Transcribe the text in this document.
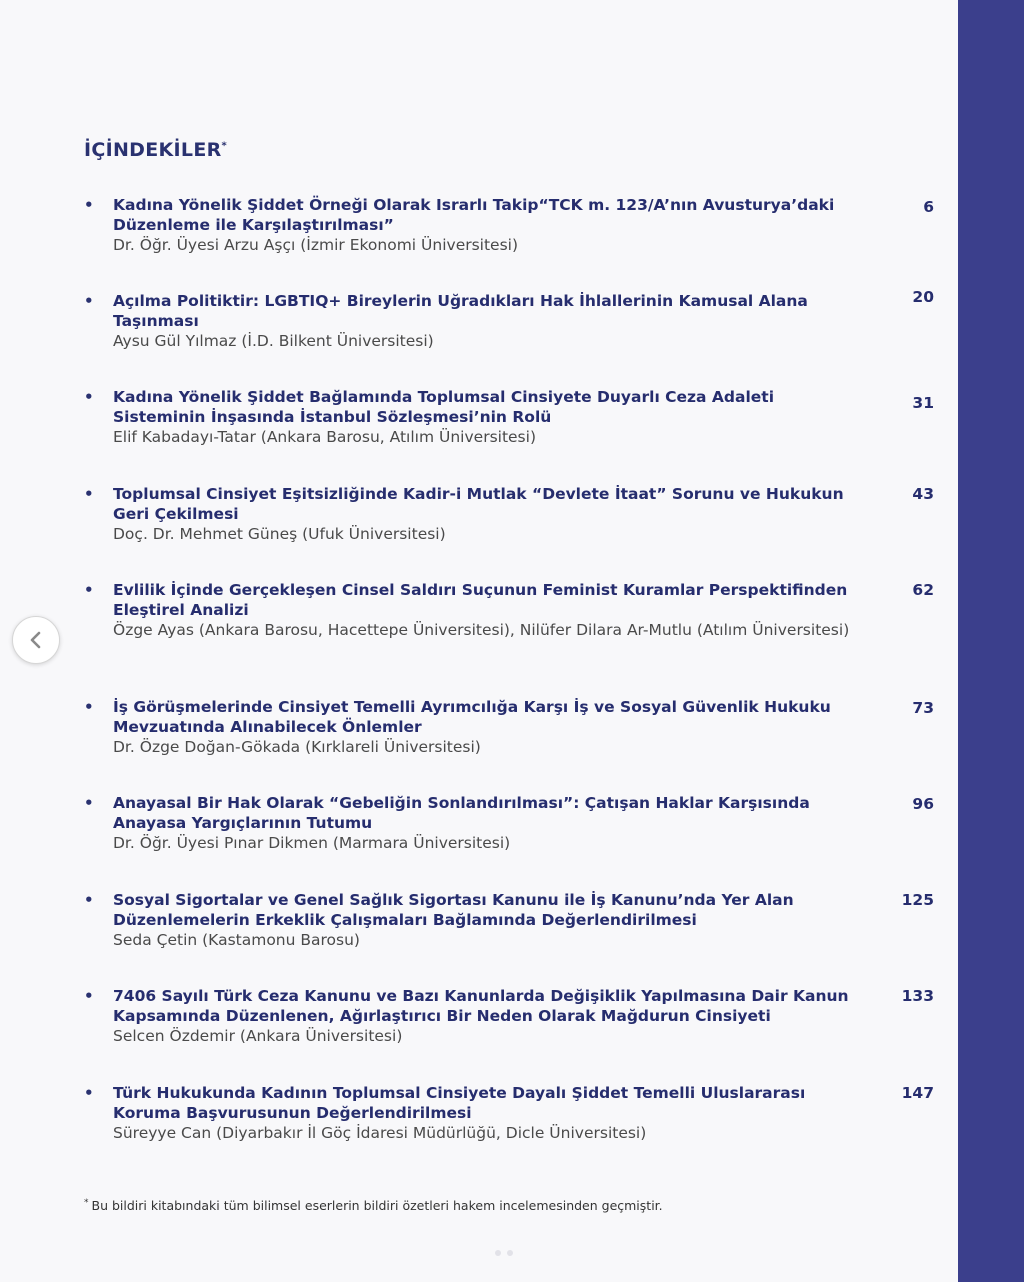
İÇİNDEKİLER*
• Kadına Yönelik Şiddet Örneği Olarak Israrlı Takip“TCK m. 123/A’nın Avusturya’daki Düzenleme ile Karşılaştırılması”
Dr. Öğr. Üyesi Arzu Aşçı (İzmir Ekonomi Üniversitesi)
6
• Açılma Politiktir: LGBTIQ+ Bireylerin Uğradıkları Hak İhlallerinin Kamusal Alana Taşınması
Aysu Gül Yılmaz (İ.D. Bilkent Üniversitesi)
20
• Kadına Yönelik Şiddet Bağlamında Toplumsal Cinsiyete Duyarlı Ceza Adaleti Sisteminin İnşasında İstanbul Sözleşmesi’nin Rolü
Elif Kabadayı-Tatar (Ankara Barosu, Atılım Üniversitesi)
31
• Toplumsal Cinsiyet Eşitsizliğinde Kadir-i Mutlak “Devlete İtaat” Sorunu ve Hukukun Geri Çekilmesi
Doç. Dr. Mehmet Güneş (Ufuk Üniversitesi)
43
• Evlilik İçinde Gerçekleşen Cinsel Saldırı Suçunun Feminist Kuramlar Perspektifinden Eleştirel Analizi
Özge Ayas (Ankara Barosu, Hacettepe Üniversitesi), Nilüfer Dilara Ar-Mutlu (Atılım Üniversitesi)
62
• İş Görüşmelerinde Cinsiyet Temelli Ayrımcılığa Karşı İş ve Sosyal Güvenlik Hukuku Mevzuatında Alınabilecek Önlemler
Dr. Özge Doğan-Gökada (Kırklareli Üniversitesi)
73
• Anayasal Bir Hak Olarak “Gebeliğin Sonlandırılması”: Çatışan Haklar Karşısında Anayasa Yargıçlarının Tutumu
Dr. Öğr. Üyesi Pınar Dikmen (Marmara Üniversitesi)
96
• Sosyal Sigortalar ve Genel Sağlık Sigortası Kanunu ile İş Kanunu’nda Yer Alan Düzenlemelerin Erkeklik Çalışmaları Bağlamında Değerlendirilmesi
Seda Çetin (Kastamonu Barosu)
125
• 7406 Sayılı Türk Ceza Kanunu ve Bazı Kanunlarda Değişiklik Yapılmasına Dair Kanun Kapsamında Düzenlenen, Ağırlaştırıcı Bir Neden Olarak Mağdurun Cinsiyeti
Selcen Özdemir (Ankara Üniversitesi)
133
• Türk Hukukunda Kadının Toplumsal Cinsiyete Dayalı Şiddet Temelli Uluslararası Koruma Başvurusunun Değerlendirilmesi
Süreyye Can (Diyarbakır İl Göç İdaresi Müdürlüğü, Dicle Üniversitesi)
147
* Bu bildiri kitabındaki tüm bilimsel eserlerin bildiri özetleri hakem incelemesinden geçmiştir.
